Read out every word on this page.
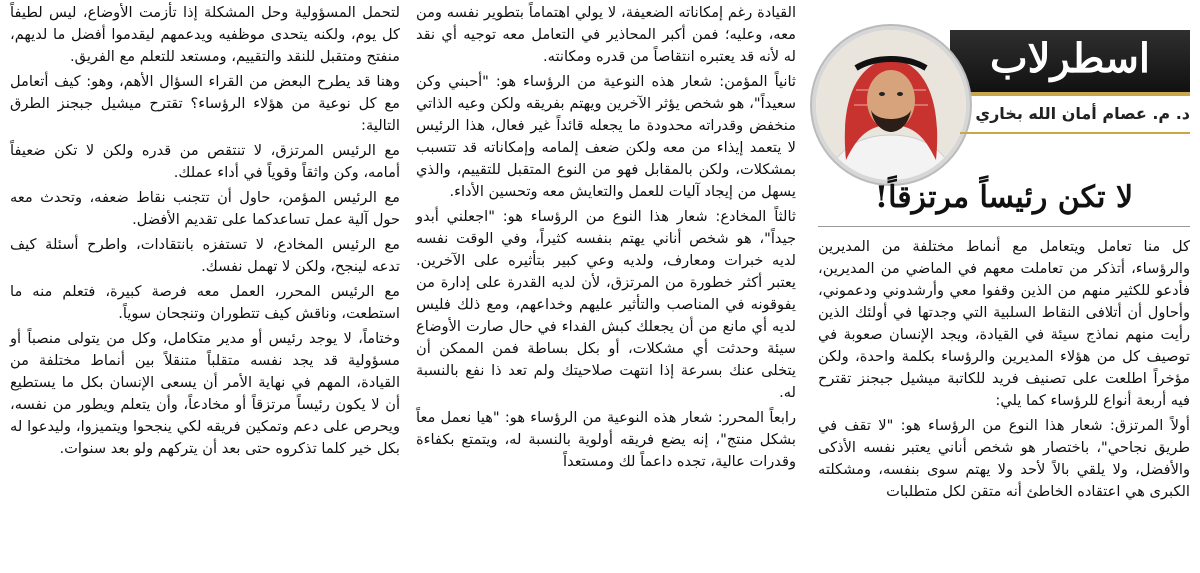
اسطرلاب
د. م. عصام أمان الله بخاري
لا تكن رئيساً مرتزقاً!

كل منا تعامل ويتعامل مع أنماط مختلفة من المديرين والرؤساء، أتذكر من تعاملت معهم في الماضي من المديرين، فأدعو للكثير منهم من الذين وقفوا معي وأرشدوني ودعموني، وأحاول أن أتلافى النقاط السلبية التي وجدتها في أولئك الذين رأيت منهم نماذج سيئة في القيادة، ويجد الإنسان صعوبة في توصيف كل من هؤلاء المديرين والرؤساء بكلمة واحدة، ولكن مؤخراً اطلعت على تصنيف فريد للكاتبة ميشيل جبجنز تقترح فيه أربعة أنواع للرؤساء كما يلي:

أولاً المرتزق: شعار هذا النوع من الرؤساء هو: "لا تقف في طريق نجاحي"، باختصار هو شخص أناني يعتبر نفسه الأذكى والأفضل، ولا يلقي بالاً لأحد ولا يهتم سوى بنفسه، ومشكلته الكبرى هي اعتقاده الخاطئ أنه متقن لكل متطلبات

القيادة رغم إمكاناته الضعيفة، لا يولي اهتماماً بتطوير نفسه ومن معه، وعليه؛ فمن أكبر المحاذير في التعامل معه توجيه أي نقد له لأنه قد يعتبره انتقاصاً من قدره ومكانته.

ثانياً المؤمن: شعار هذه النوعية من الرؤساء هو: "أحبني وكن سعيداً"، هو شخص يؤثر الآخرين ويهتم بفريقه ولكن وعيه الذاتي منخفض وقدراته محدودة ما يجعله قائداً غير فعال، هذا الرئيس لا يتعمد إيذاء من معه ولكن ضعف إلمامه وإمكاناته قد تتسبب بمشكلات، ولكن بالمقابل فهو من النوع المتقبل للتقييم، والذي يسهل من إيجاد آليات للعمل والتعايش معه وتحسين الأداء.

ثالثاً المخادع: شعار هذا النوع من الرؤساء هو: "اجعلني أبدو جيداً"، هو شخص أناني يهتم بنفسه كثيراً، وفي الوقت نفسه لديه خبرات ومعارف، ولديه وعي كبير بتأثيره على الآخرين. يعتبر أكثر خطورة من المرتزق، لأن لديه القدرة على إدارة من يفوقونه في المناصب والتأثير عليهم وخداعهم، ومع ذلك فليس لديه أي مانع من أن يجعلك كبش الفداء في حال صارت الأوضاع سيئة وحدثت أي مشكلات، أو بكل بساطة فمن الممكن أن يتخلى عنك بسرعة إذا انتهت صلاحيتك ولم تعد ذا نفع بالنسبة له.

رابعاً المحرر: شعار هذه النوعية من الرؤساء هو: "هيا نعمل معاً بشكل منتج"، إنه يضع فريقه أولوية بالنسبة له، ويتمتع بكفاءة وقدرات عالية، تجده داعماً لك ومستعداً

لتحمل المسؤولية وحل المشكلة إذا تأزمت الأوضاع، ليس لطيفاً كل يوم، ولكنه يتحدى موظفيه ويدعمهم ليقدموا أفضل ما لديهم، منفتح ومتقبل للنقد والتقييم، ومستعد للتعلم مع الفريق.

وهنا قد يطرح البعض من القراء السؤال الأهم، وهو: كيف أتعامل مع كل نوعية من هؤلاء الرؤساء؟ تقترح ميشيل جبجنز الطرق التالية:

مع الرئيس المرتزق، لا تنتقص من قدره ولكن لا تكن ضعيفاً أمامه، وكن واثقاً وقوياً في أداء عملك.

مع الرئيس المؤمن، حاول أن تتجنب نقاط ضعفه، وتحدث معه حول آلية عمل تساعدكما على تقديم الأفضل.

مع الرئيس المخادع، لا تستفزه بانتقادات، واطرح أسئلة كيف تدعه لينجح، ولكن لا تهمل نفسك.

مع الرئيس المحرر، العمل معه فرصة كبيرة، فتعلم منه ما استطعت، وناقش كيف تتطوران وتنجحان سوياً.

وختاماً، لا يوجد رئيس أو مدير متكامل، وكل من يتولى منصباً أو مسؤولية قد يجد نفسه متقلباً متنقلاً بين أنماط مختلفة من القيادة، المهم في نهاية الأمر أن يسعى الإنسان بكل ما يستطيع أن لا يكون رئيساً مرتزقاً أو مخادعاً، وأن يتعلم ويطور من نفسه، ويحرص على دعم وتمكين فريقه لكي ينجحوا ويتميزوا، وليدعوا له بكل خير كلما تذكروه حتى بعد أن يتركهم ولو بعد سنوات.
